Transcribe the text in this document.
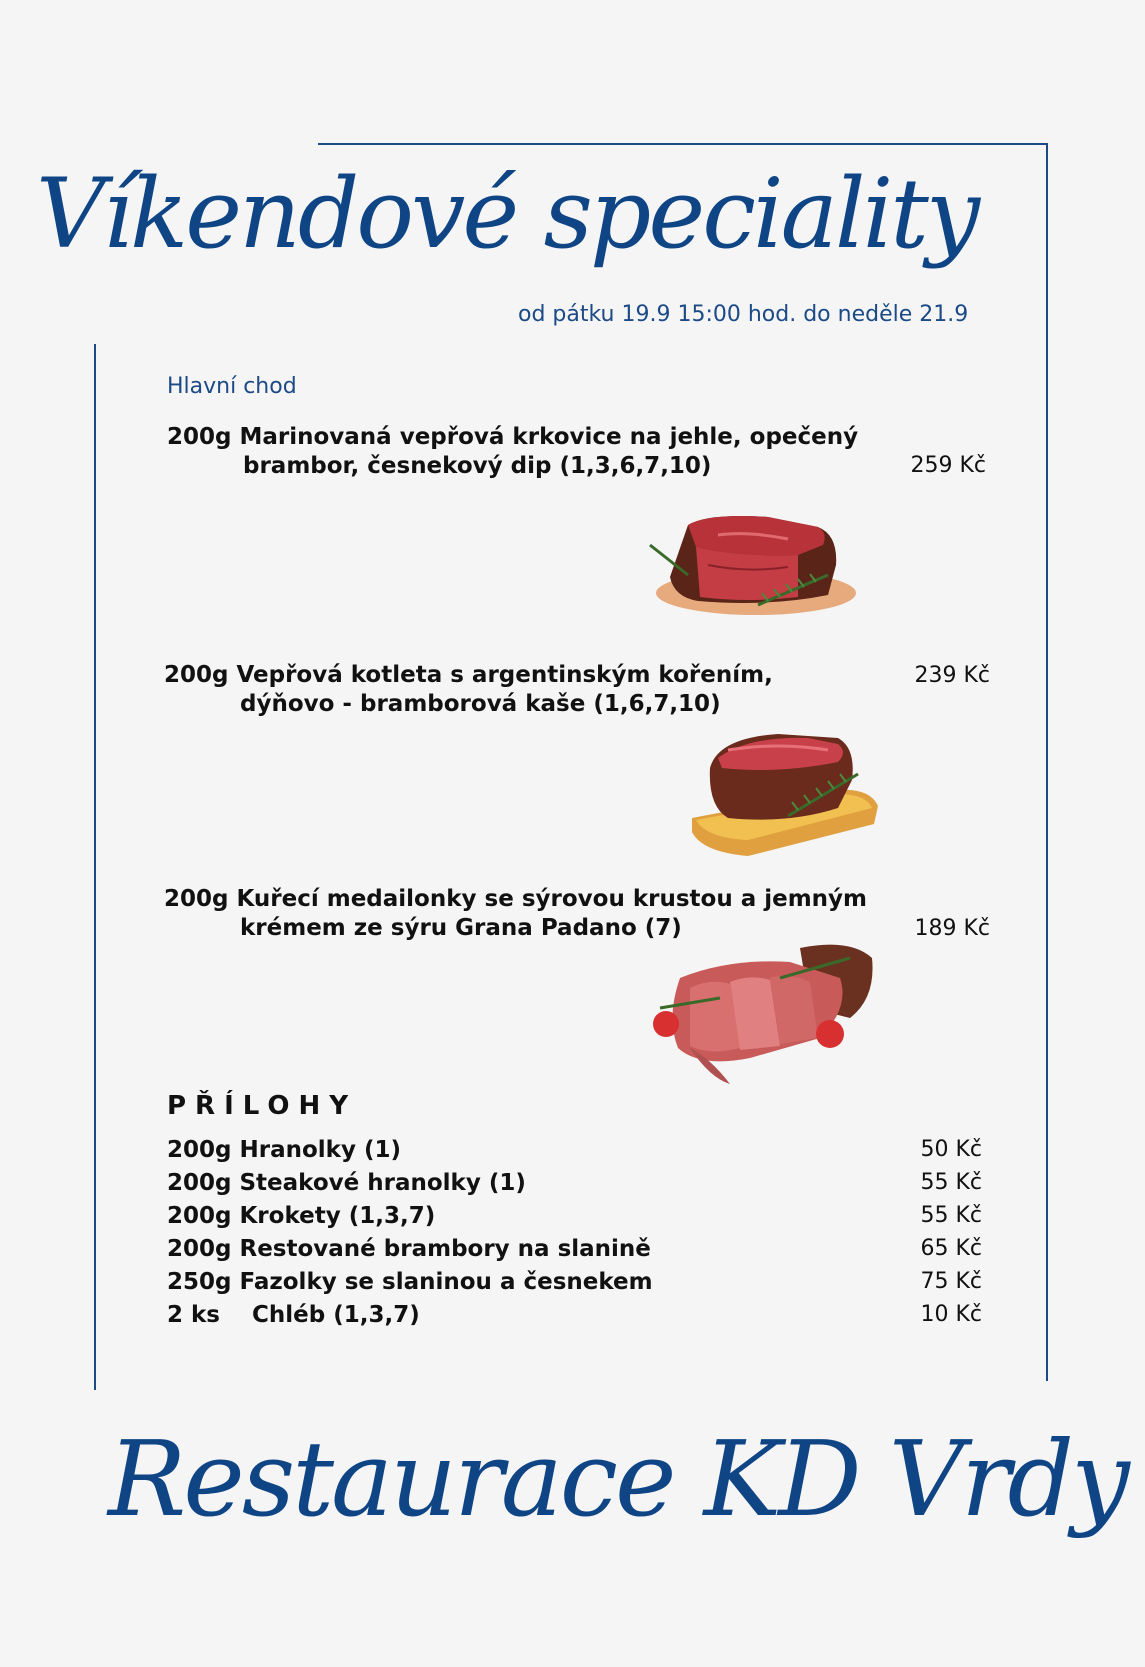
Víkendové speciality
od pátku 19.9 15:00 hod. do neděle 21.9
Hlavní chod
200g Marinovaná vepřová krkovice na jehle, opečený
brambor, česnekový dip (1,3,6,7,10)	259 Kč
200g Vepřová kotleta s argentinským kořením,
dýňovo - bramborová kaše (1,6,7,10)
239 Kč
200g Kuřecí medailonky se sýrovou krustou a jemným
krémem ze sýru Grana Padano (7)	189 Kč
PŘÍLOHY
200g Hranolky (1)	50 Kč
200g Steakové hranolky (1)	55 Kč
200g Krokety (1,3,7)	55 Kč
200g Restované brambory na slanině	65 Kč
250g Fazolky se slaninou a česnekem	75 Kč
2 ks    Chléb (1,3,7)	10 Kč
Restaurace KD Vrdy
